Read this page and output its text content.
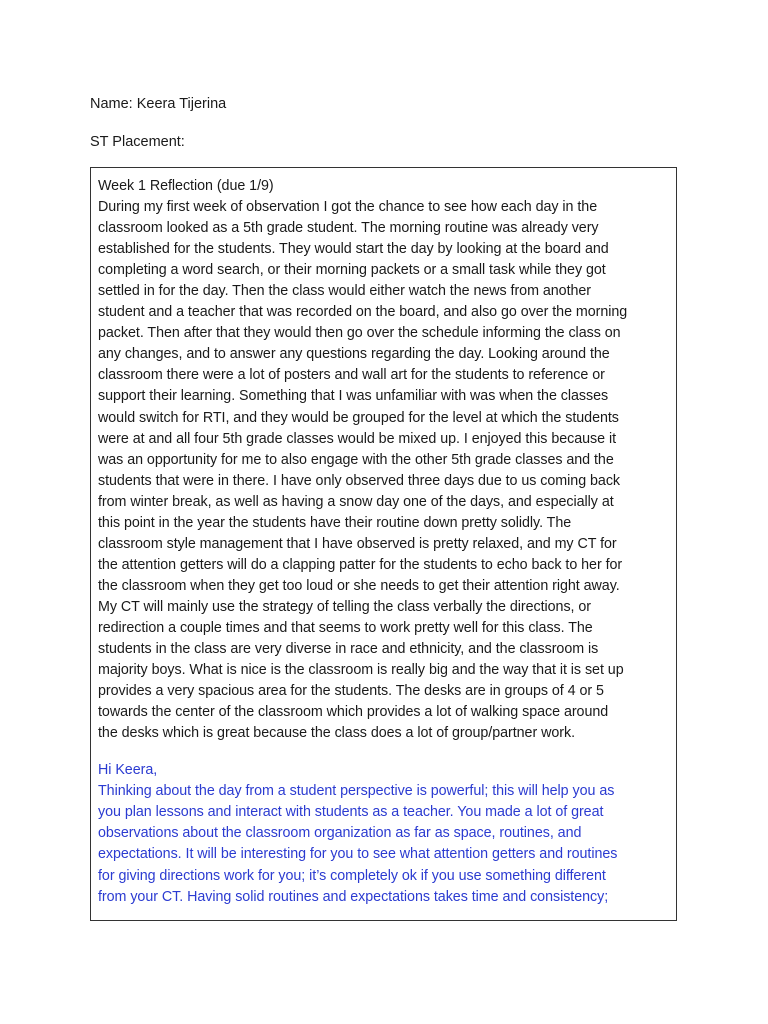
Name: Keera Tijerina
ST Placement:
Week 1 Reflection (due 1/9)
During my first week of observation I got the chance to see how each day in the
classroom looked as a 5th grade student. The morning routine was already very
established for the students. They would start the day by looking at the board and
completing a word search, or their morning packets or a small task while they got
settled in for the day. Then the class would either watch the news from another
student and a teacher that was recorded on the board, and also go over the morning
packet. Then after that they would then go over the schedule informing the class on
any changes, and to answer any questions regarding the day. Looking around the
classroom there were a lot of posters and wall art for the students to reference or
support their learning. Something that I was unfamiliar with was when the classes
would switch for RTI, and they would be grouped for the level at which the students
were at and all four 5th grade classes would be mixed up. I enjoyed this because it
was an opportunity for me to also engage with the other 5th grade classes and the
students that were in there. I have only observed three days due to us coming back
from winter break, as well as having a snow day one of the days, and especially at
this point in the year the students have their routine down pretty solidly. The
classroom style management that I have observed is pretty relaxed, and my CT for
the attention getters will do a clapping patter for the students to echo back to her for
the classroom when they get too loud or she needs to get their attention right away.
My CT will mainly use the strategy of telling the class verbally the directions, or
redirection a couple times and that seems to work pretty well for this class. The
students in the class are very diverse in race and ethnicity, and the classroom is
majority boys. What is nice is the classroom is really big and the way that it is set up
provides a very spacious area for the students. The desks are in groups of 4 or 5
towards the center of the classroom which provides a lot of walking space around
the desks which is great because the class does a lot of group/partner work.
Hi Keera,
Thinking about the day from a student perspective is powerful; this will help you as
you plan lessons and interact with students as a teacher. You made a lot of great
observations about the classroom organization as far as space, routines, and
expectations. It will be interesting for you to see what attention getters and routines
for giving directions work for you; it’s completely ok if you use something different
from your CT. Having solid routines and expectations takes time and consistency;
